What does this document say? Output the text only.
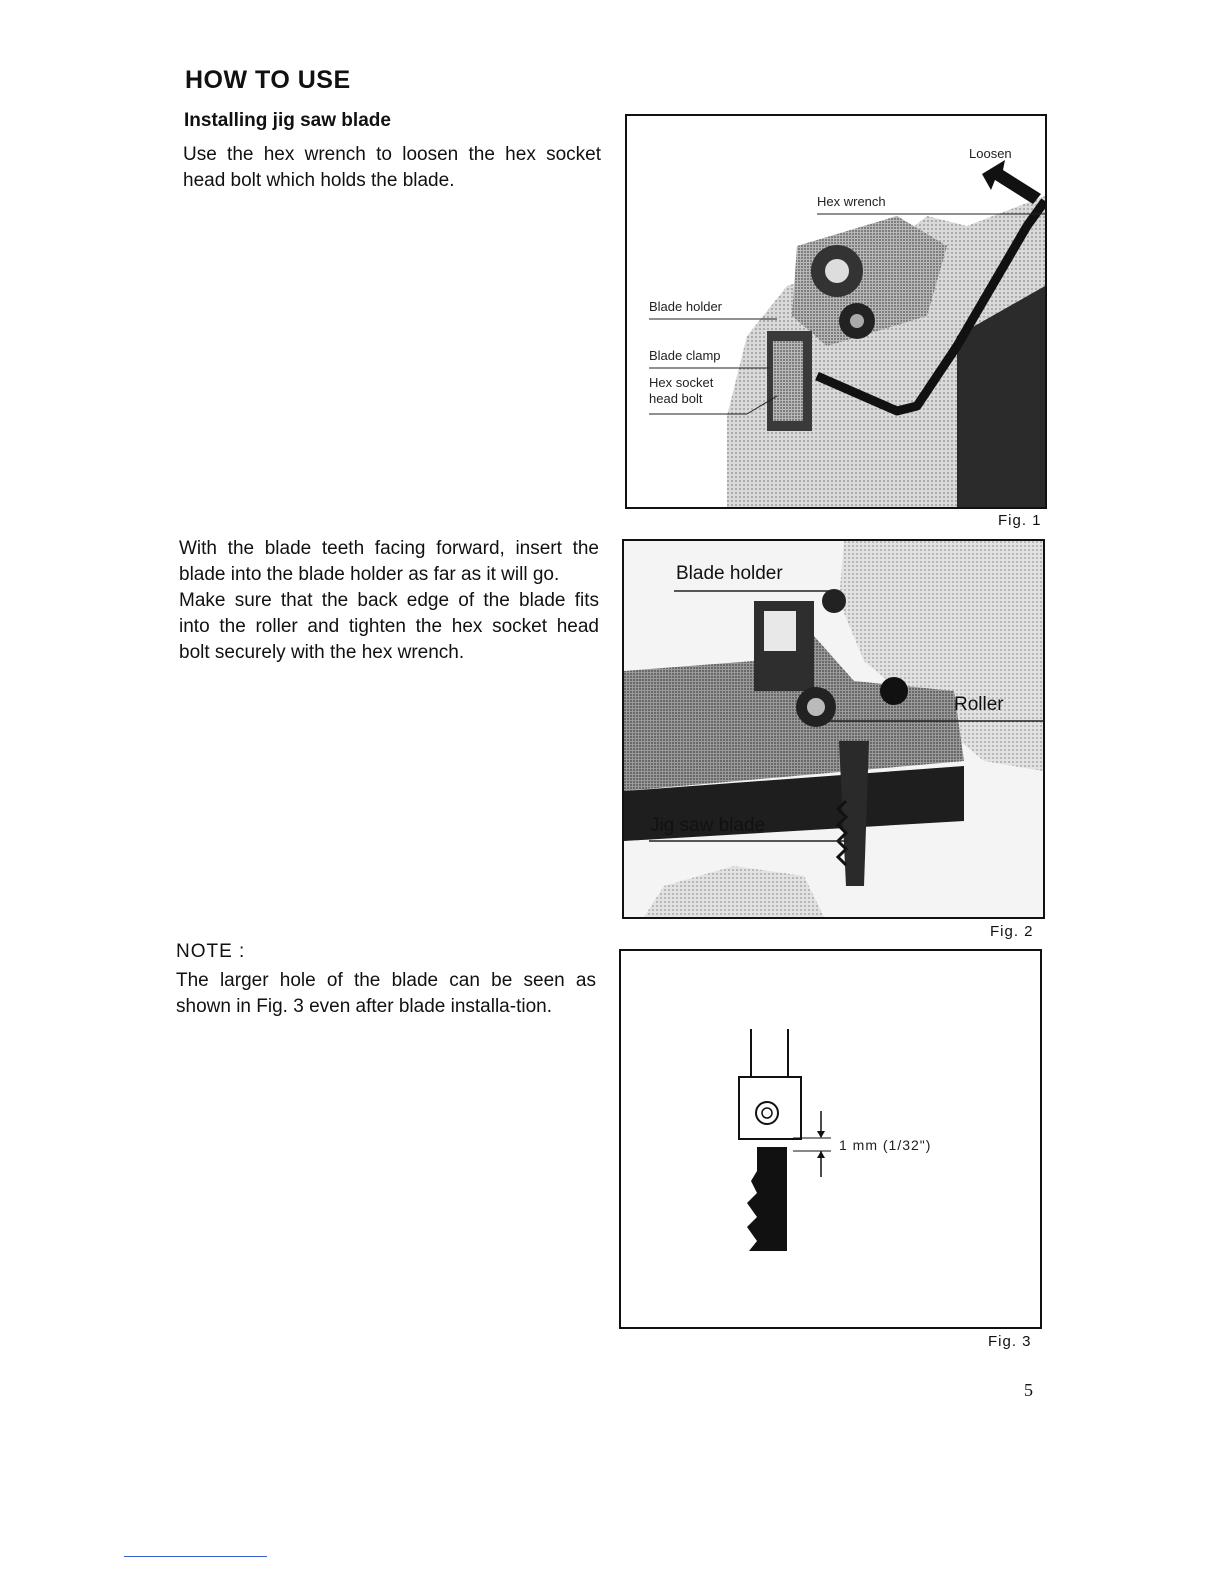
HOW TO USE
Installing jig saw blade
Use the hex wrench to loosen the hex socket head bolt which holds the blade.
With the blade teeth facing forward, insert the blade into the blade holder as far as it will go.
Make sure that the back edge of the blade fits into the roller and tighten the hex socket head bolt securely with the hex wrench.
NOTE :
The larger hole of the blade can be seen as shown in Fig. 3 even after blade installa-tion.
Loosen
Hex wrench
Blade holder
Blade clamp
Hex socket
head bolt
Fig. 1
Blade holder
Roller
Jig saw blade
Fig. 2
1 mm (1/32")
Fig. 3
5
